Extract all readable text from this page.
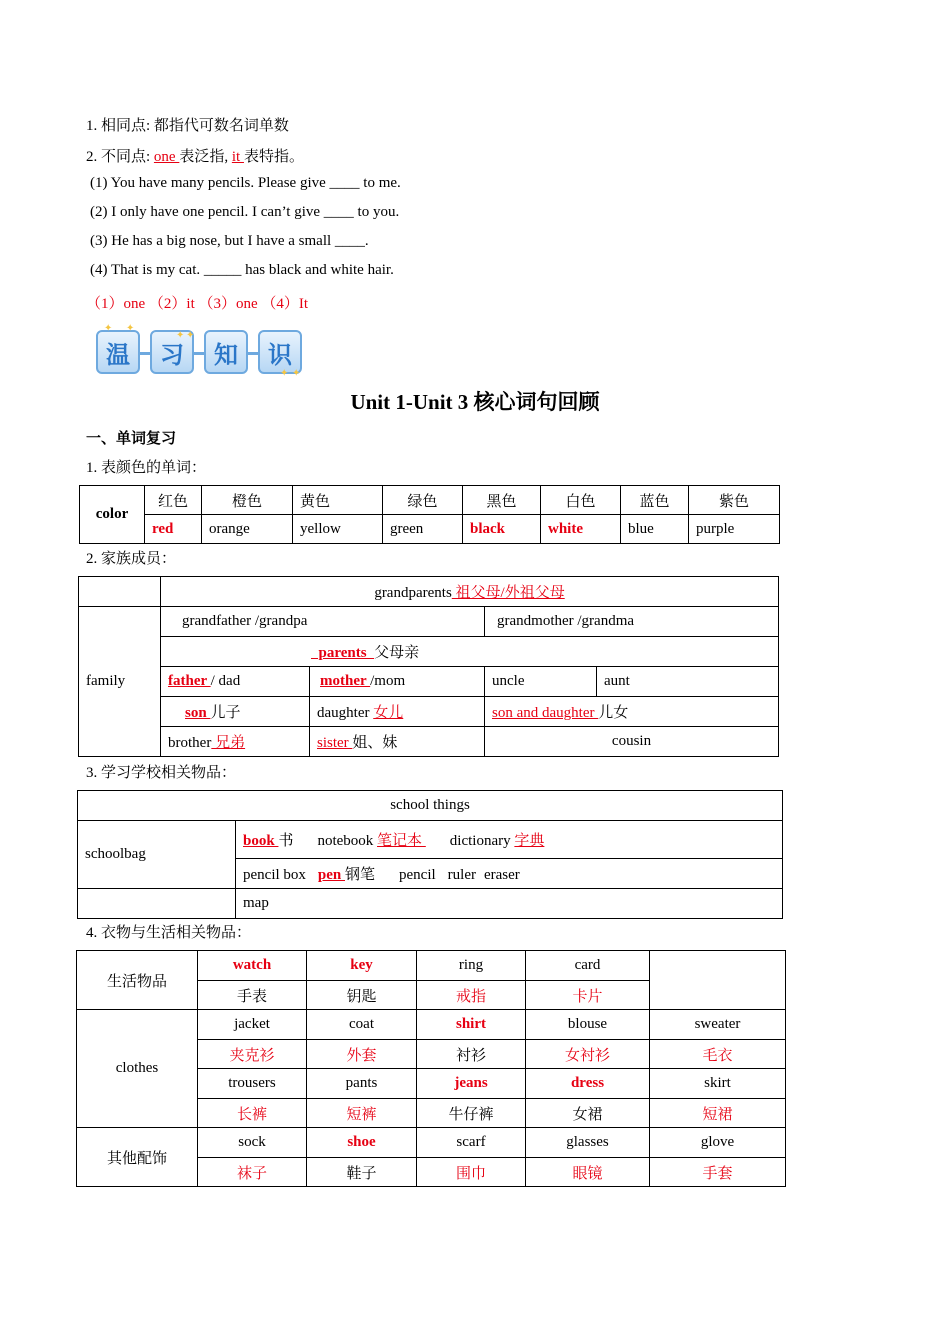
1. 相同点: 都指代可数名词单数
2. 不同点: one 表泛指, it 表特指。
(1) You have many pencils. Please give ____ to me.
(2) I only have one pencil. I can’t give ____ to you.
(3) He has a big nose, but I have a small ____.
(4) That is my cat. _____ has black and white hair.
（1）one （2）it （3）one （4）It
温 习 知 识
✦ ✦
✦ ✦
✦ ✦
Unit 1-Unit 3 核心词句回顾
一、单词复习
1. 表颜色的单词：
color	红色	橙色	黄色	绿色	黑色	白色	蓝色	紫色
	red	orange	yellow	green	black	white	blue	purple
2. 家族成员：
	grandparents 祖父母/外祖父母			
family	grandfather /grandpa		grandmother /grandma	
	parents  父母亲			
	father / dad	mother /mom	uncle	aunt
	son 儿子	daughter 女儿	son and daughter 儿女	
	brother 兄弟	sister 姐、妹	cousin	
3. 学习学校相关物品：
school things	
schoolbag	book 书 notebook 笔记本 dictionary 字典
	pencil box pen 钢笔 pencil ruler eraser
	map
4. 衣物与生活相关物品：
生活物品	watch	key	ring	card	
	手表	钥匙	戒指	卡片	
clothes	jacket	coat	shirt	blouse	sweater
	夹克衫	外套	衬衫	女衬衫	毛衣
	trousers	pants	jeans	dress	skirt
	长裤	短裤	牛仔裤	女裙	短裙
其他配饰	sock	shoe	scarf	glasses	glove
	袜子	鞋子	围巾	眼镜	手套
